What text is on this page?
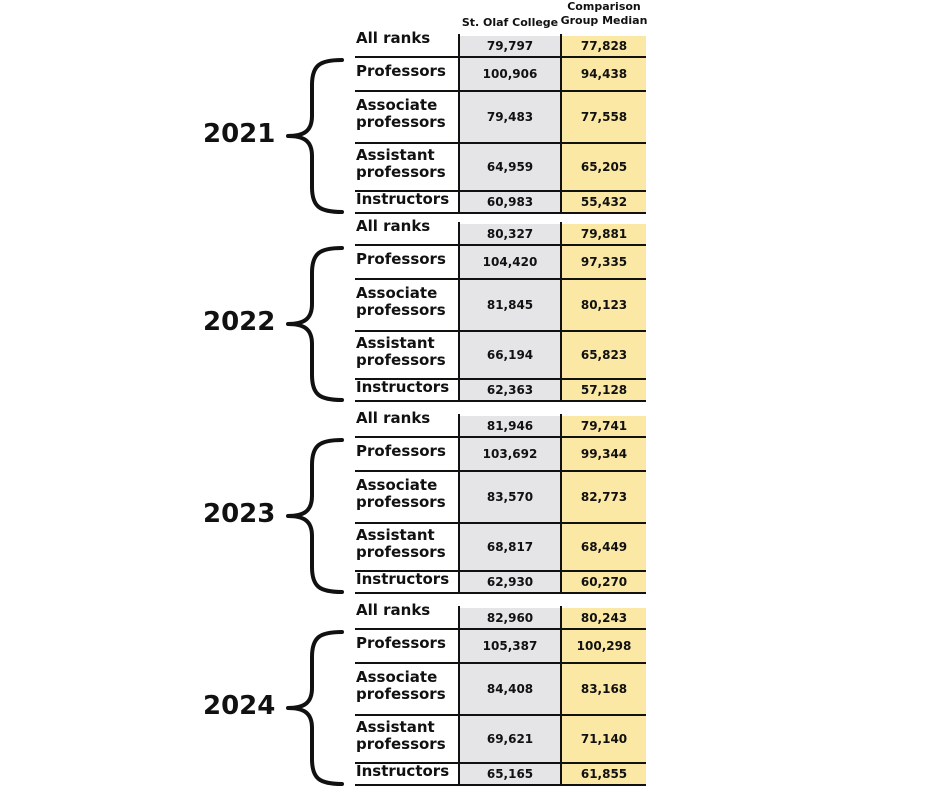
St. Olaf College
Comparison
Group Median
All ranks	79,797	77,828
Professors	100,906	94,438
Associate professors	79,483	77,558
Assistant professors	64,959	65,205
Instructors	60,983	55,432
2021
All ranks	80,327	79,881
Professors	104,420	97,335
Associate professors	81,845	80,123
Assistant professors	66,194	65,823
Instructors	62,363	57,128
2022
All ranks	81,946	79,741
Professors	103,692	99,344
Associate professors	83,570	82,773
Assistant professors	68,817	68,449
Instructors	62,930	60,270
2023
All ranks	82,960	80,243
Professors	105,387	100,298
Associate professors	84,408	83,168
Assistant professors	69,621	71,140
Instructors	65,165	61,855
2024
